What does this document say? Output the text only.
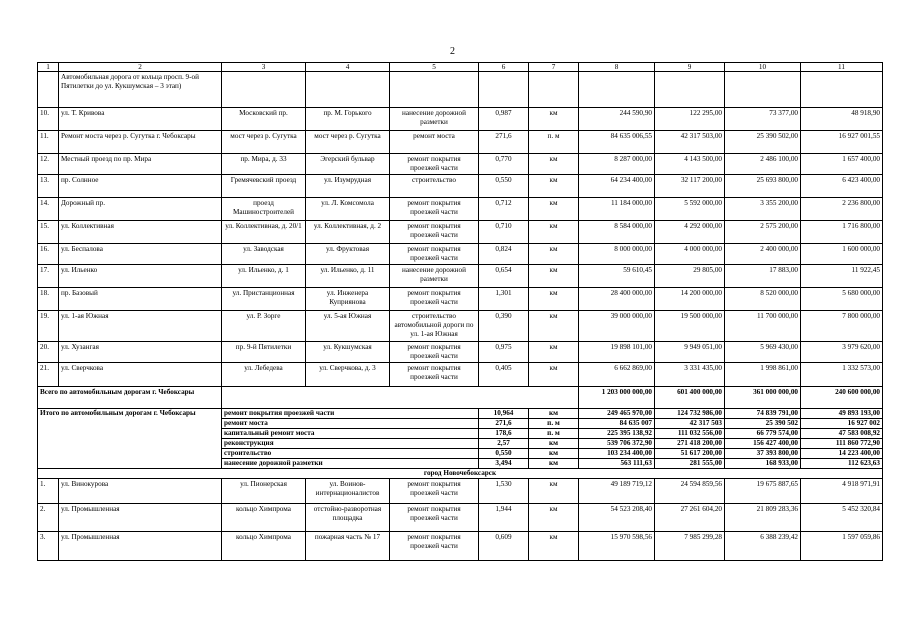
2
1	2	3	4	5	6	7	8	9	10	11
	Автомобильная дорога от кольца просп. 9-ой Пятилетки до ул. Кукшумская – 3 этап)									
10.	ул. Т. Кривова	Московский пр.	пр. М. Горького	нанесение дорожной разметки	0,987	км	244 590,90	122 295,00	73 377,00	48 918,90
11.	Ремонт моста через р. Сугутка г. Чебоксары	мост через р. Сугутка	мост через р. Сугутка	ремонт моста	271,6	п. м	84 635 006,55	42 317 503,00	25 390 502,00	16 927 001,55
12.	Местный проезд по пр. Мира	пр. Мира, д. 33	Эгерский бульвар	ремонт покрытия проезжей части	0,770	км	8 287 000,00	4 143 500,00	2 486 100,00	1 657 400,00
13.	пр. Солнное	Гремячевский проезд	ул. Изумрудная	строительство	0,550	км	64 234 400,00	32 117 200,00	25 693 800,00	6 423 400,00
14.	Дорожный пр.	проезд Машиностроителей	ул. Л. Комсомола	ремонт покрытия проезжей части	0,712	км	11 184 000,00	5 592 000,00	3 355 200,00	2 236 800,00
15.	ул. Коллективная	ул. Коллективная, д. 20/1	ул. Коллективная, д. 2	ремонт покрытия проезжей части	0,710	км	8 584 000,00	4 292 000,00	2 575 200,00	1 716 800,00
16.	ул. Беспалова	ул. Заводская	ул. Фруктовая	ремонт покрытия проезжей части	0,824	км	8 000 000,00	4 000 000,00	2 400 000,00	1 600 000,00
17.	ул. Ильенко	ул. Ильенко, д. 1	ул. Ильенко, д. 11	нанесение дорожной разметки	0,654	км	59 610,45	29 805,00	17 883,00	11 922,45
18.	пр. Базовый	ул. Пристанционная	ул. Инженера Куприянова	ремонт покрытия проезжей части	1,301	км	28 400 000,00	14 200 000,00	8 520 000,00	5 680 000,00
19.	ул. 1-ая Южная	ул. Р. Зорге	ул. 5-ая Южная	строительство автомобильной дороги по ул. 1-ая Южная	0,390	км	39 000 000,00	19 500 000,00	11 700 000,00	7 800 000,00
20.	ул. Хузангая	пр. 9-й Пятилетки	ул. Кукшумская	ремонт покрытия проезжей части	0,975	км	19 898 101,00	9 949 051,00	5 969 430,00	3 979 620,00
21.	ул. Сверчкова	ул. Лебедева	ул. Сверчкова, д. 3	ремонт покрытия проезжей части	0,405	км	6 662 869,00	3 331 435,00	1 998 861,00	1 332 573,00
Всего по автомобильным дорогам г. Чебоксары							1 203 000 000,00	601 400 000,00	361 000 000,00	240 600 000,00
Итого по автомобильным дорогам г. Чебоксары		ремонт покрытия проезжей части			10,964	км	249 465 970,00	124 732 986,00	74 839 791,00	49 893 193,00
		ремонт моста			271,6	п. м	84 635 007	42 317 503	25 390 502	16 927 002
		капитальный ремонт моста			178,6	п. м	225 395 138,92	111 032 556,00	66 779 574,00	47 583 008,92
		реконструкция			2,57	км	539 706 372,90	271 418 200,00	156 427 400,00	111 860 772,90
		строительство			0,550	км	103 234 400,00	51 617 200,00	37 393 800,00	14 223 400,00
		нанесение дорожной разметки			3,494	км	563 111,63	281 555,00	168 933,00	112 623,63
город Новочебоксарск										
1.	ул. Винокурова	ул. Пионерская	ул. Воинов-интернационалистов	ремонт покрытия проезжей части	1,530	км	49 189 719,12	24 594 859,56	19 675 887,65	4 918 971,91
2.	ул. Промышленная	кольцо Химпрома	отстойно-разворотная площадка	ремонт покрытия проезжей части	1,944	км	54 523 208,40	27 261 604,20	21 809 283,36	5 452 320,84
3.	ул. Промышленная	кольцо Химпрома	пожарная часть № 17	ремонт покрытия проезжей части	0,609	км	15 970 598,56	7 985 299,28	6 388 239,42	1 597 059,86
